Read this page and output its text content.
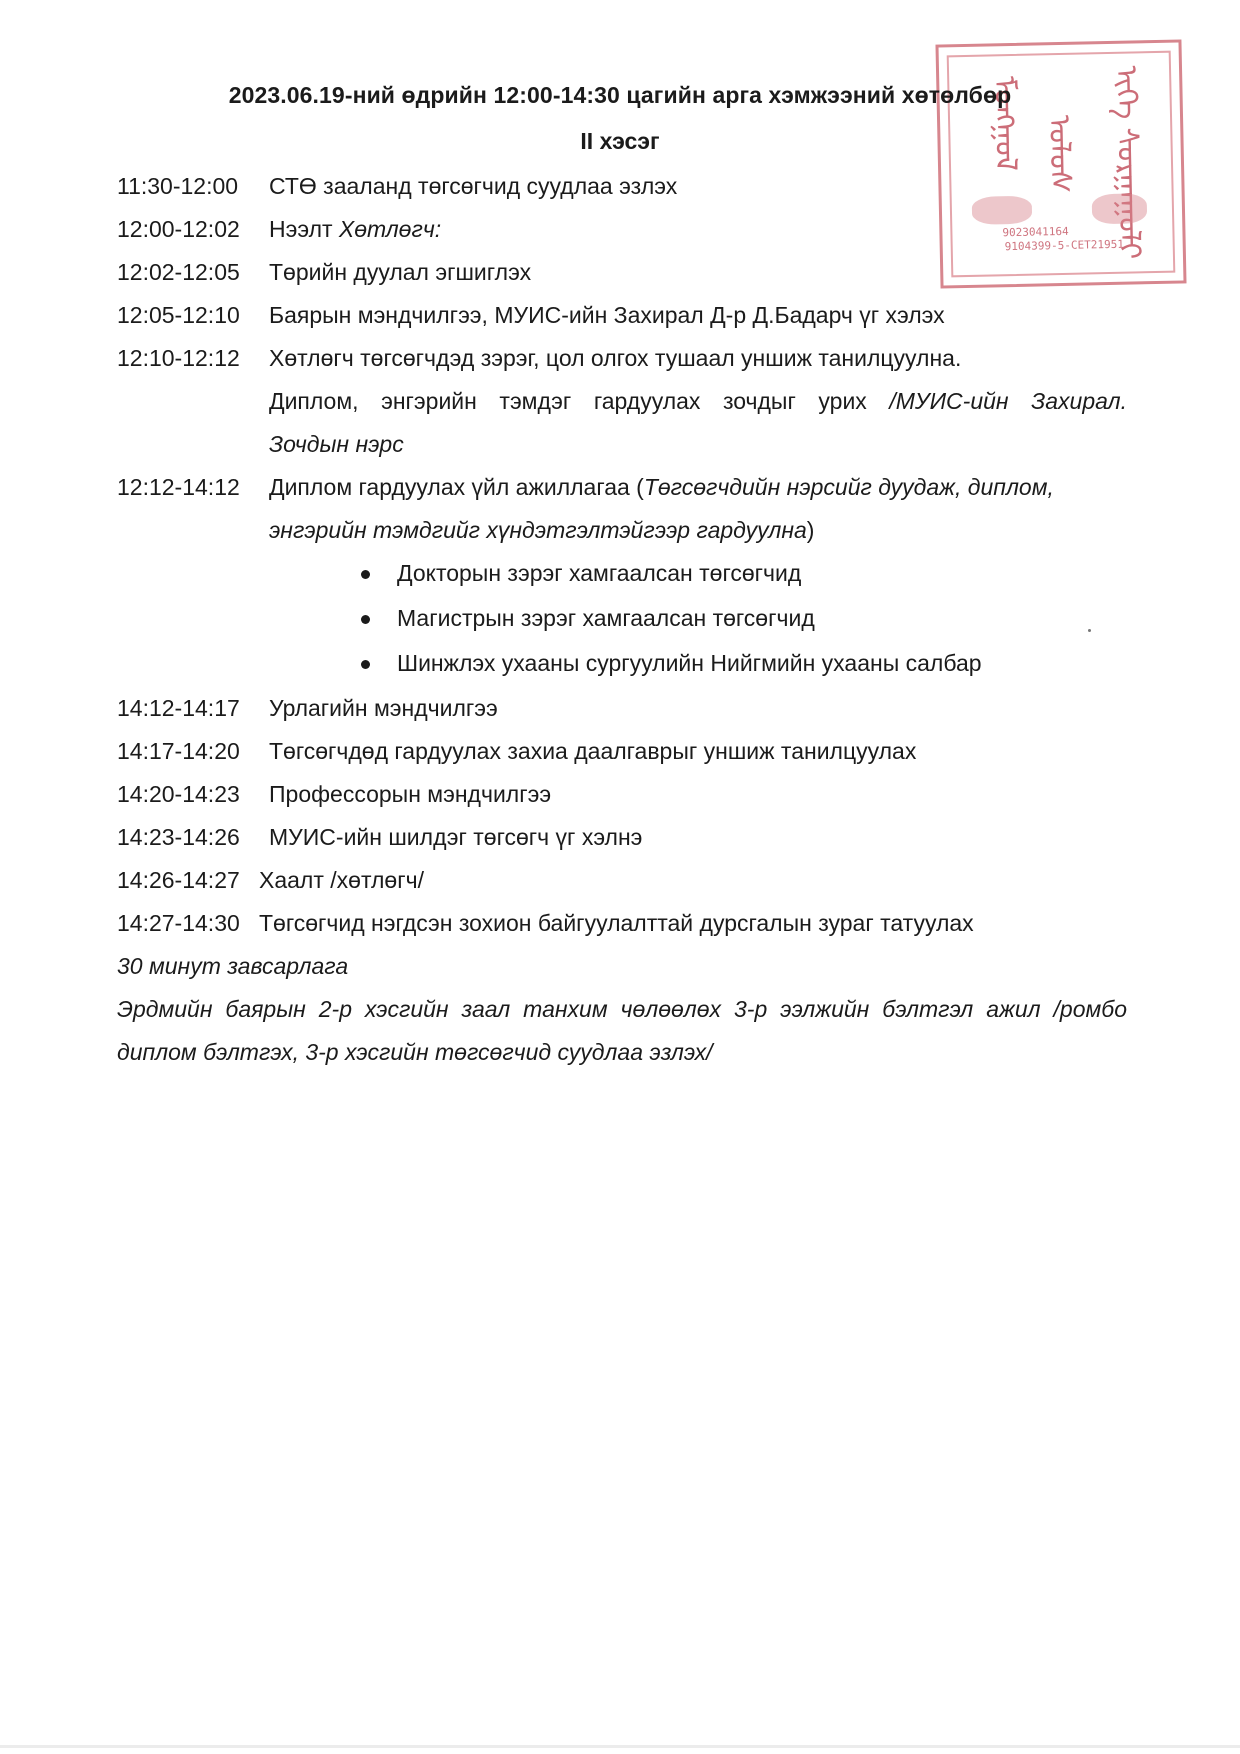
ᠮᠣᠩᠭᠣᠯ ᠤᠯᠤᠰ	ᠢᠬᠡ ᠰᠤᠷᠭᠠᠭᠤᠯᠢ
9023041164
9104399-5-CET21951
2023.06.19-ний өдрийн 12:00-14:30 цагийн арга хэмжээний хөтөлбөр
II хэсэг
11:30-12:00	СТӨ зааланд төгсөгчид суудлаа эзлэх
12:00-12:02	Нээлт Хөтлөгч:
12:02-12:05	Төрийн дуулал эгшиглэх
12:05-12:10	Баярын мэндчилгээ, МУИС-ийн Захирал Д-р Д.Бадарч үг хэлэх
12:10-12:12	Хөтлөгч төгсөгчдэд зэрэг, цол олгох тушаал уншиж танилцуулна.
Диплом, энгэрийн тэмдэг гардуулах зочдыг урих /МУИС-ийн Захирал.
Зочдын нэрс
12:12-14:12	Диплом гардуулах үйл ажиллагаа (Төгсөгчдийн нэрсийг дуудаж, диплом,
энгэрийн тэмдгийг хүндэтгэлтэйгээр гардуулна)
Докторын зэрэг хамгаалсан төгсөгчид
Магистрын зэрэг хамгаалсан төгсөгчид
Шинжлэх ухааны сургуулийн Нийгмийн ухааны салбар
14:12-14:17	Урлагийн мэндчилгээ
14:17-14:20	Төгсөгчдөд гардуулах захиа даалгаврыг уншиж танилцуулах
14:20-14:23	Профессорын мэндчилгээ
14:23-14:26	МУИС-ийн шилдэг төгсөгч үг хэлнэ
14:26-14:27 Хаалт /хөтлөгч/
14:27-14:30 Төгсөгчид нэгдсэн зохион байгуулалттай дурсгалын зураг татуулах
30 минут завсарлага
Эрдмийн баярын 2-р хэсгийн заал танхим чөлөөлөх 3-р ээлжийн бэлтгэл ажил /ромбо
диплом бэлтгэх, 3-р хэсгийн төгсөгчид суудлаа эзлэх/
